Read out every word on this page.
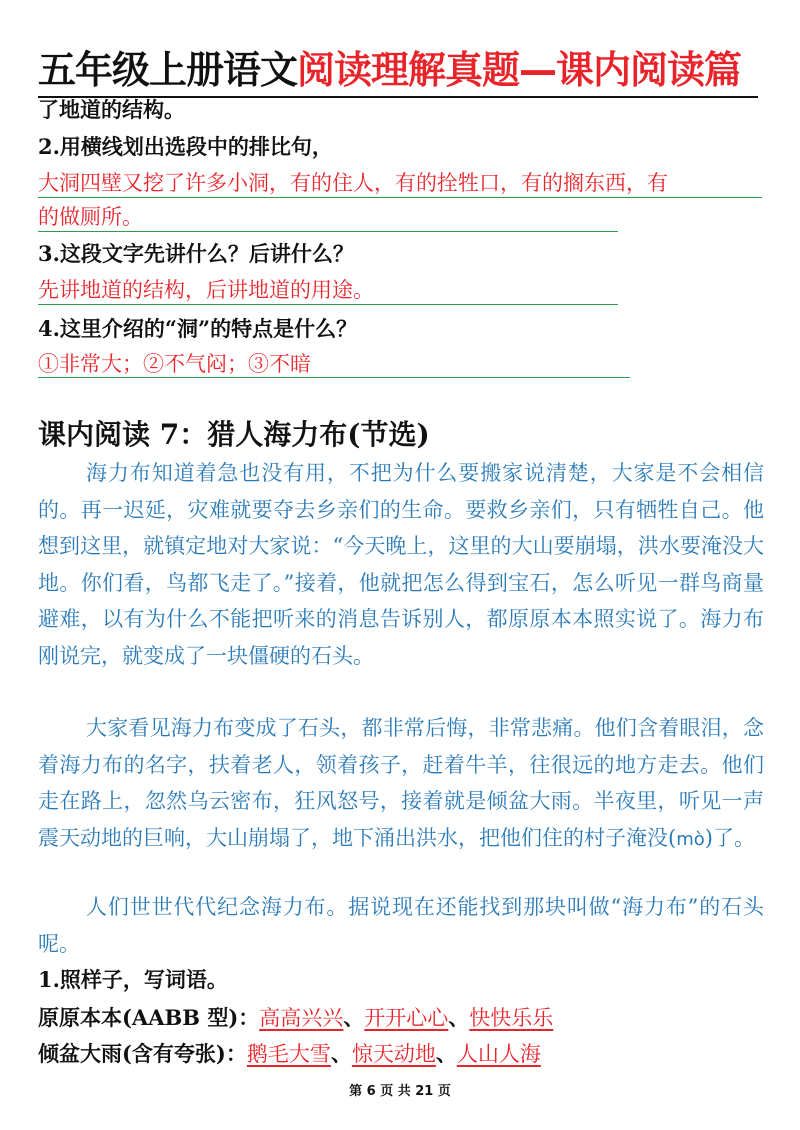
五年级上册语文阅读理解真题—课内阅读篇
了地道的结构。
2.用横线划出选段中的排比句，
大洞四壁又挖了许多小洞，有的住人，有的拴牲口，有的搁东西，有
的做厕所。
3.这段文字先讲什么？后讲什么？
先讲地道的结构，后讲地道的用途。
4.这里介绍的“洞”的特点是什么？
①非常大；②不气闷；③不暗
课内阅读 7：猎人海力布(节选)
海力布知道着急也没有用，不把为什么要搬家说清楚，大家是不会相信的。再一迟延，灾难就要夺去乡亲们的生命。要救乡亲们，只有牺牲自己。他想到这里，就镇定地对大家说：“今天晚上，这里的大山要崩塌，洪水要淹没大地。你们看，鸟都飞走了。”接着，他就把怎么得到宝石，怎么听见一群鸟商量避难，以有为什么不能把听来的消息告诉别人，都原原本本照实说了。海力布刚说完，就变成了一块僵硬的石头。
大家看见海力布变成了石头，都非常后悔，非常悲痛。他们含着眼泪，念着海力布的名字，扶着老人，领着孩子，赶着牛羊，往很远的地方走去。他们走在路上，忽然乌云密布，狂风怒号，接着就是倾盆大雨。半夜里，听见一声震天动地的巨响，大山崩塌了，地下涌出洪水，把他们住的村子淹没(mò)了。
人们世世代代纪念海力布。据说现在还能找到那块叫做“海力布”的石头呢。
1.照样子，写词语。
原原本本(AABB 型)：高高兴兴、开开心心、快快乐乐
倾盆大雨(含有夸张)：鹅毛大雪、惊天动地、人山人海
第 6 页 共 21 页
